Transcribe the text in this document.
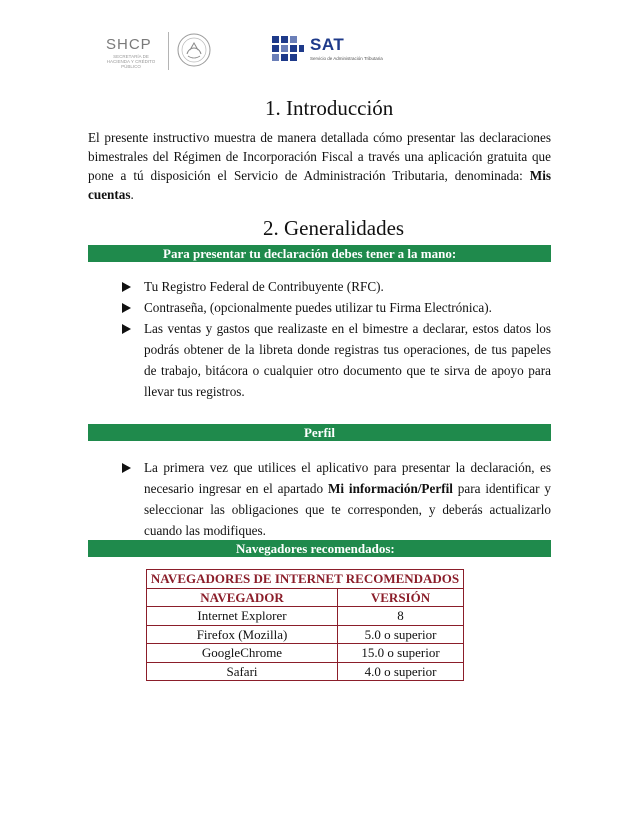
SHCP
SECRETARÍA DE HACIENDA Y CRÉDITO PÚBLICO
SAT
Servicio de Administración Tributaria
1. Introducción

El presente instructivo muestra de manera detallada cómo presentar las declaraciones bimestrales del Régimen de Incorporación Fiscal a través una aplicación gratuita que pone a tú disposición el Servicio de Administración Tributaria, denominada: Mis cuentas.

2. Generalidades
Para presentar tu declaración debes tener a la mano:
Tu Registro Federal de Contribuyente (RFC).
Contraseña, (opcionalmente puedes utilizar tu Firma Electrónica).
Las ventas y gastos que realizaste en el bimestre a declarar, estos datos los podrás obtener de la libreta donde registras tus operaciones, de tus papeles de trabajo, bitácora o cualquier otro documento que te sirva de apoyo para llevar tus registros.
Perfil
La primera vez que utilices el aplicativo para presentar la declaración, es necesario ingresar en el apartado Mi información/Perfil para identificar y seleccionar las obligaciones que te corresponden, y deberás actualizarlo cuando las modifiques.
Navegadores recomendados:
NAVEGADORES DE INTERNET RECOMENDADOS	
NAVEGADOR	VERSIÓN
Internet Explorer	8
Firefox (Mozilla)	5.0 o superior
GoogleChrome	15.0 o superior
Safari	4.0 o superior
